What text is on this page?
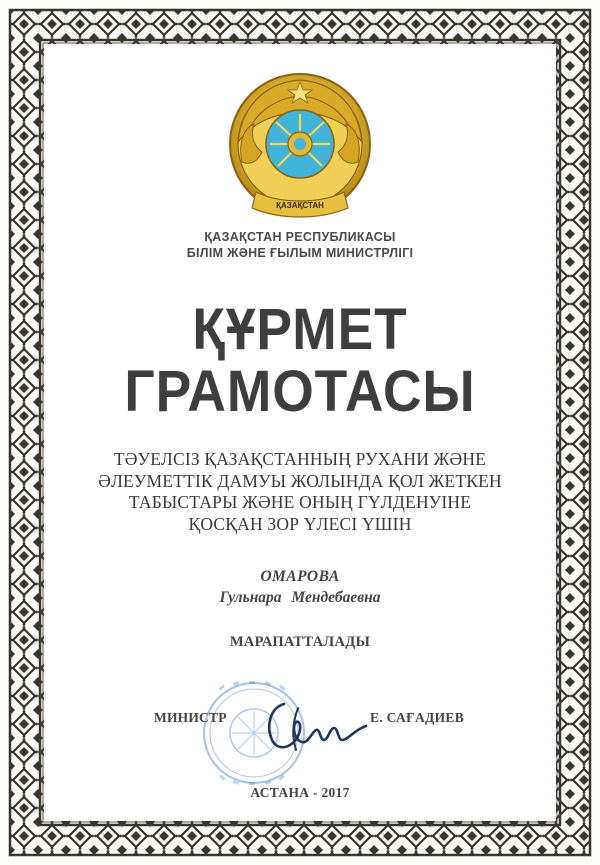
ҚАЗАҚСТАН
ҚАЗАҚСТАН РЕСПУБЛИКАСЫ
БІЛІМ ЖӘНЕ ҒЫЛЫМ МИНИСТРЛІГІ
ҚҰРМЕТ
ГРАМОТАСЫ
ТӘУЕЛСІЗ ҚАЗАҚСТАННЫҢ РУХАНИ ЖӘНЕ
ӘЛЕУМЕТТІК ДАМУЫ ЖОЛЫНДА ҚОЛ ЖЕТКЕН
ТАБЫСТАРЫ ЖӘНЕ ОНЫҢ ГҮЛДЕНУІНЕ
ҚОСҚАН ЗОР ҮЛЕСІ ҮШІН
ОМАРОВА
Гульнара Мендебаевна
МАРАПАТТАЛАДЫ
МИНИСТР	Е. САҒАДИЕВ
АСТАНА - 2017
